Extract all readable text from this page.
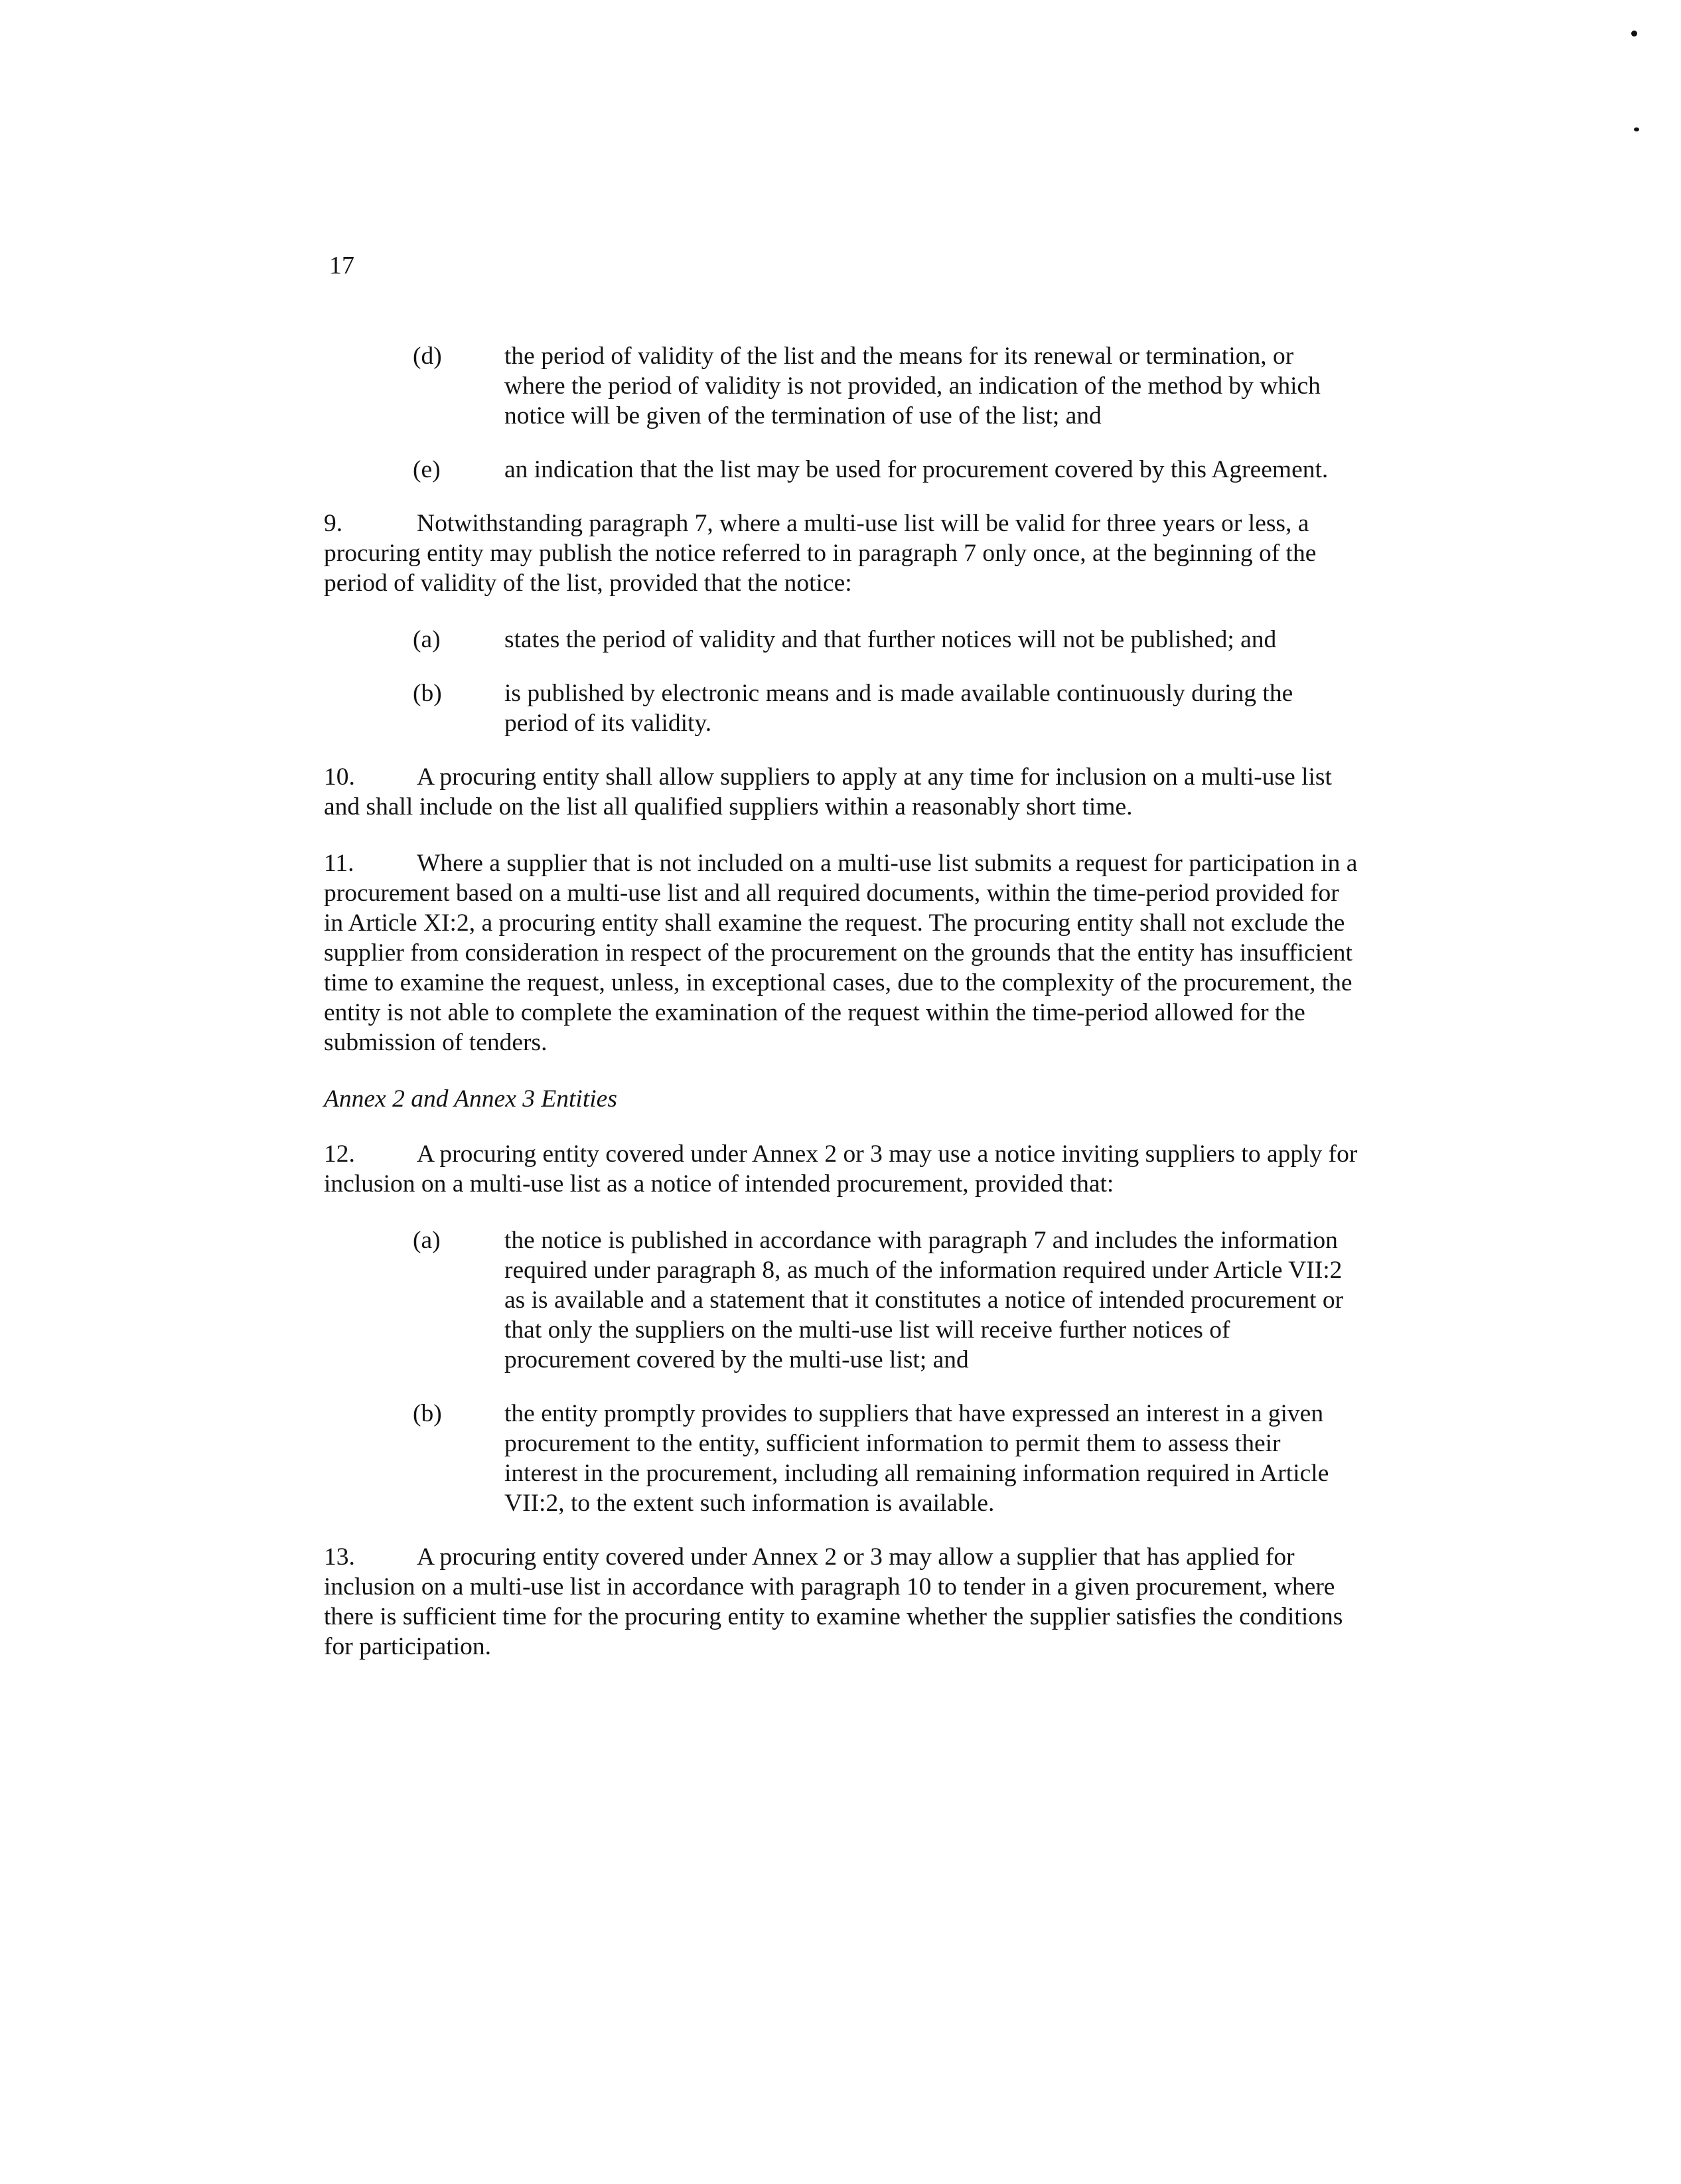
17
(d)	the period of validity of the list and the means for its renewal or termination, or where the period of validity is not provided, an indication of the method by which notice will be given of the termination of use of the list; and
(e)	an indication that the list may be used for procurement covered by this Agreement.
9.	Notwithstanding paragraph 7, where a multi-use list will be valid for three years or less, a procuring entity may publish the notice referred to in paragraph 7 only once, at the beginning of the period of validity of the list, provided that the notice:
(a)	states the period of validity and that further notices will not be published; and
(b)	is published by electronic means and is made available continuously during the period of its validity.
10. A procuring entity shall allow suppliers to apply at any time for inclusion on a multi-use list and shall include on the list all qualified suppliers within a reasonably short time.
11.	Where a supplier that is not included on a multi-use list submits a request for participation in a procurement based on a multi-use list and all required documents, within the time-period provided for in Article XI:2, a procuring entity shall examine the request. The procuring entity shall not exclude the supplier from consideration in respect of the procurement on the grounds that the entity has insufficient time to examine the request, unless, in exceptional cases, due to the complexity of the procurement, the entity is not able to complete the examination of the request within the time-period allowed for the submission of tenders.
Annex 2 and Annex 3 Entities
12. A procuring entity covered under Annex 2 or 3 may use a notice inviting suppliers to apply for inclusion on a multi-use list as a notice of intended procurement, provided that:
(a)	the notice is published in accordance with paragraph 7 and includes the information required under paragraph 8, as much of the information required under Article VII:2 as is available and a statement that it constitutes a notice of intended procurement or that only the suppliers on the multi-use list will receive further notices of procurement covered by the multi-use list; and
(b)	the entity promptly provides to suppliers that have expressed an interest in a given procurement to the entity, sufficient information to permit them to assess their interest in the procurement, including all remaining information required in Article VII:2, to the extent such information is available.
13. A procuring entity covered under Annex 2 or 3 may allow a supplier that has applied for inclusion on a multi-use list in accordance with paragraph 10 to tender in a given procurement, where there is sufficient time for the procuring entity to examine whether the supplier satisfies the conditions for participation.
